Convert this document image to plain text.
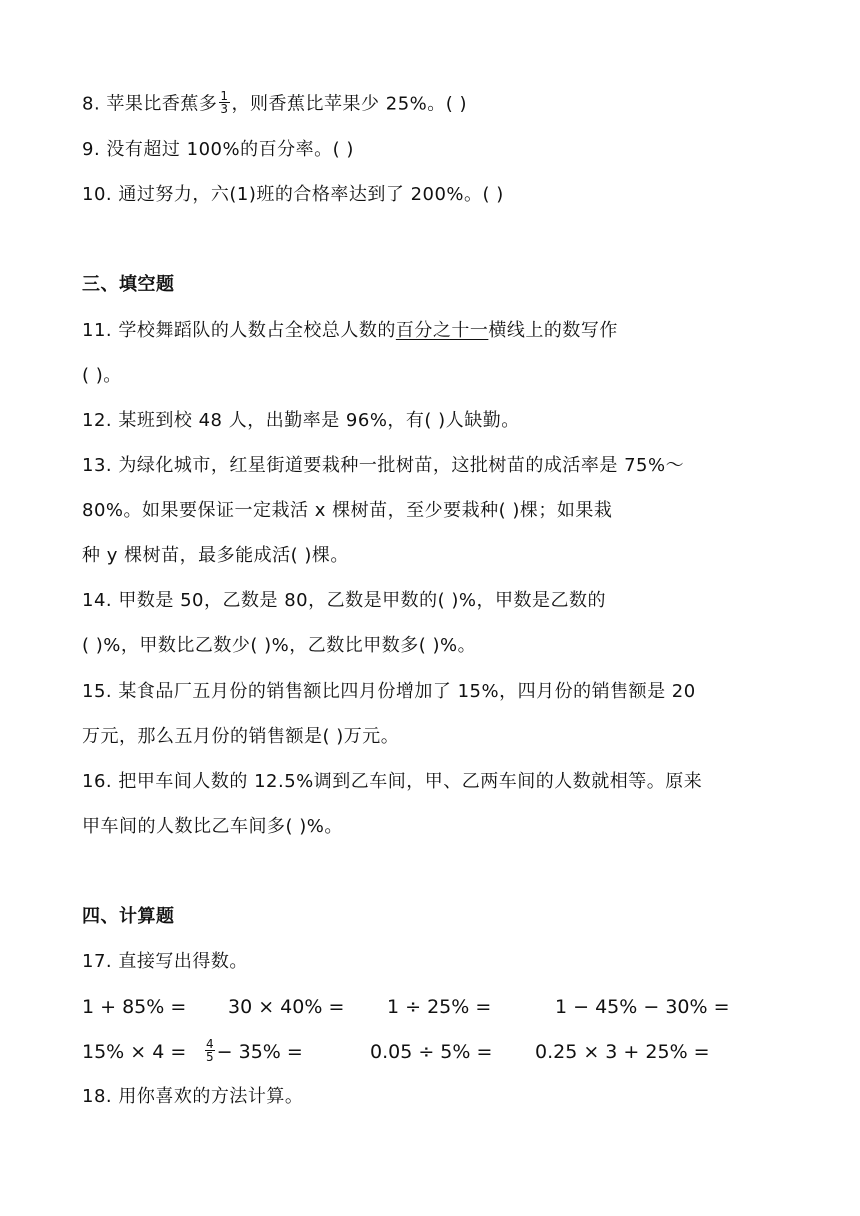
8. 苹果比香蕉多 $\frac{1}{3}$ ，则香蕉比苹果少 25%。( )
9. 没有超过 100%的百分率。( )
10. 通过努力，六(1)班的合格率达到了 200%。( )
三、填空题
11. 学校舞蹈队的人数占全校总人数的百分之十一横线上的数写作
( )。
12. 某班到校 48 人，出勤率是 96%，有( )人缺勤。
13. 为绿化城市，红星街道要栽种一批树苗，这批树苗的成活率是 75%～
80%。如果要保证一定栽活 x 棵树苗，至少要栽种( )棵；如果栽
种 y 棵树苗，最多能成活( )棵。
14. 甲数是 50，乙数是 80，乙数是甲数的( )%，甲数是乙数的
( )%，甲数比乙数少( )%，乙数比甲数多( )%。
15. 某食品厂五月份的销售额比四月份增加了 15%，四月份的销售额是 20
万元，那么五月份的销售额是( )万元。
16. 把甲车间人数的 12.5%调到乙车间，甲、乙两车间的人数就相等。原来
甲车间的人数比乙车间多( )%。
四、计算题
17. 直接写出得数。
1 + 85% = 30 × 40% = 1 ÷ 25% =	1 − 45% − 30% =
$15\% \times 4 = \frac{4}{5} - 35\%$ =	0.05 ÷ 5% = 0.25 × 3 + 25% =
18. 用你喜欢的方法计算。
